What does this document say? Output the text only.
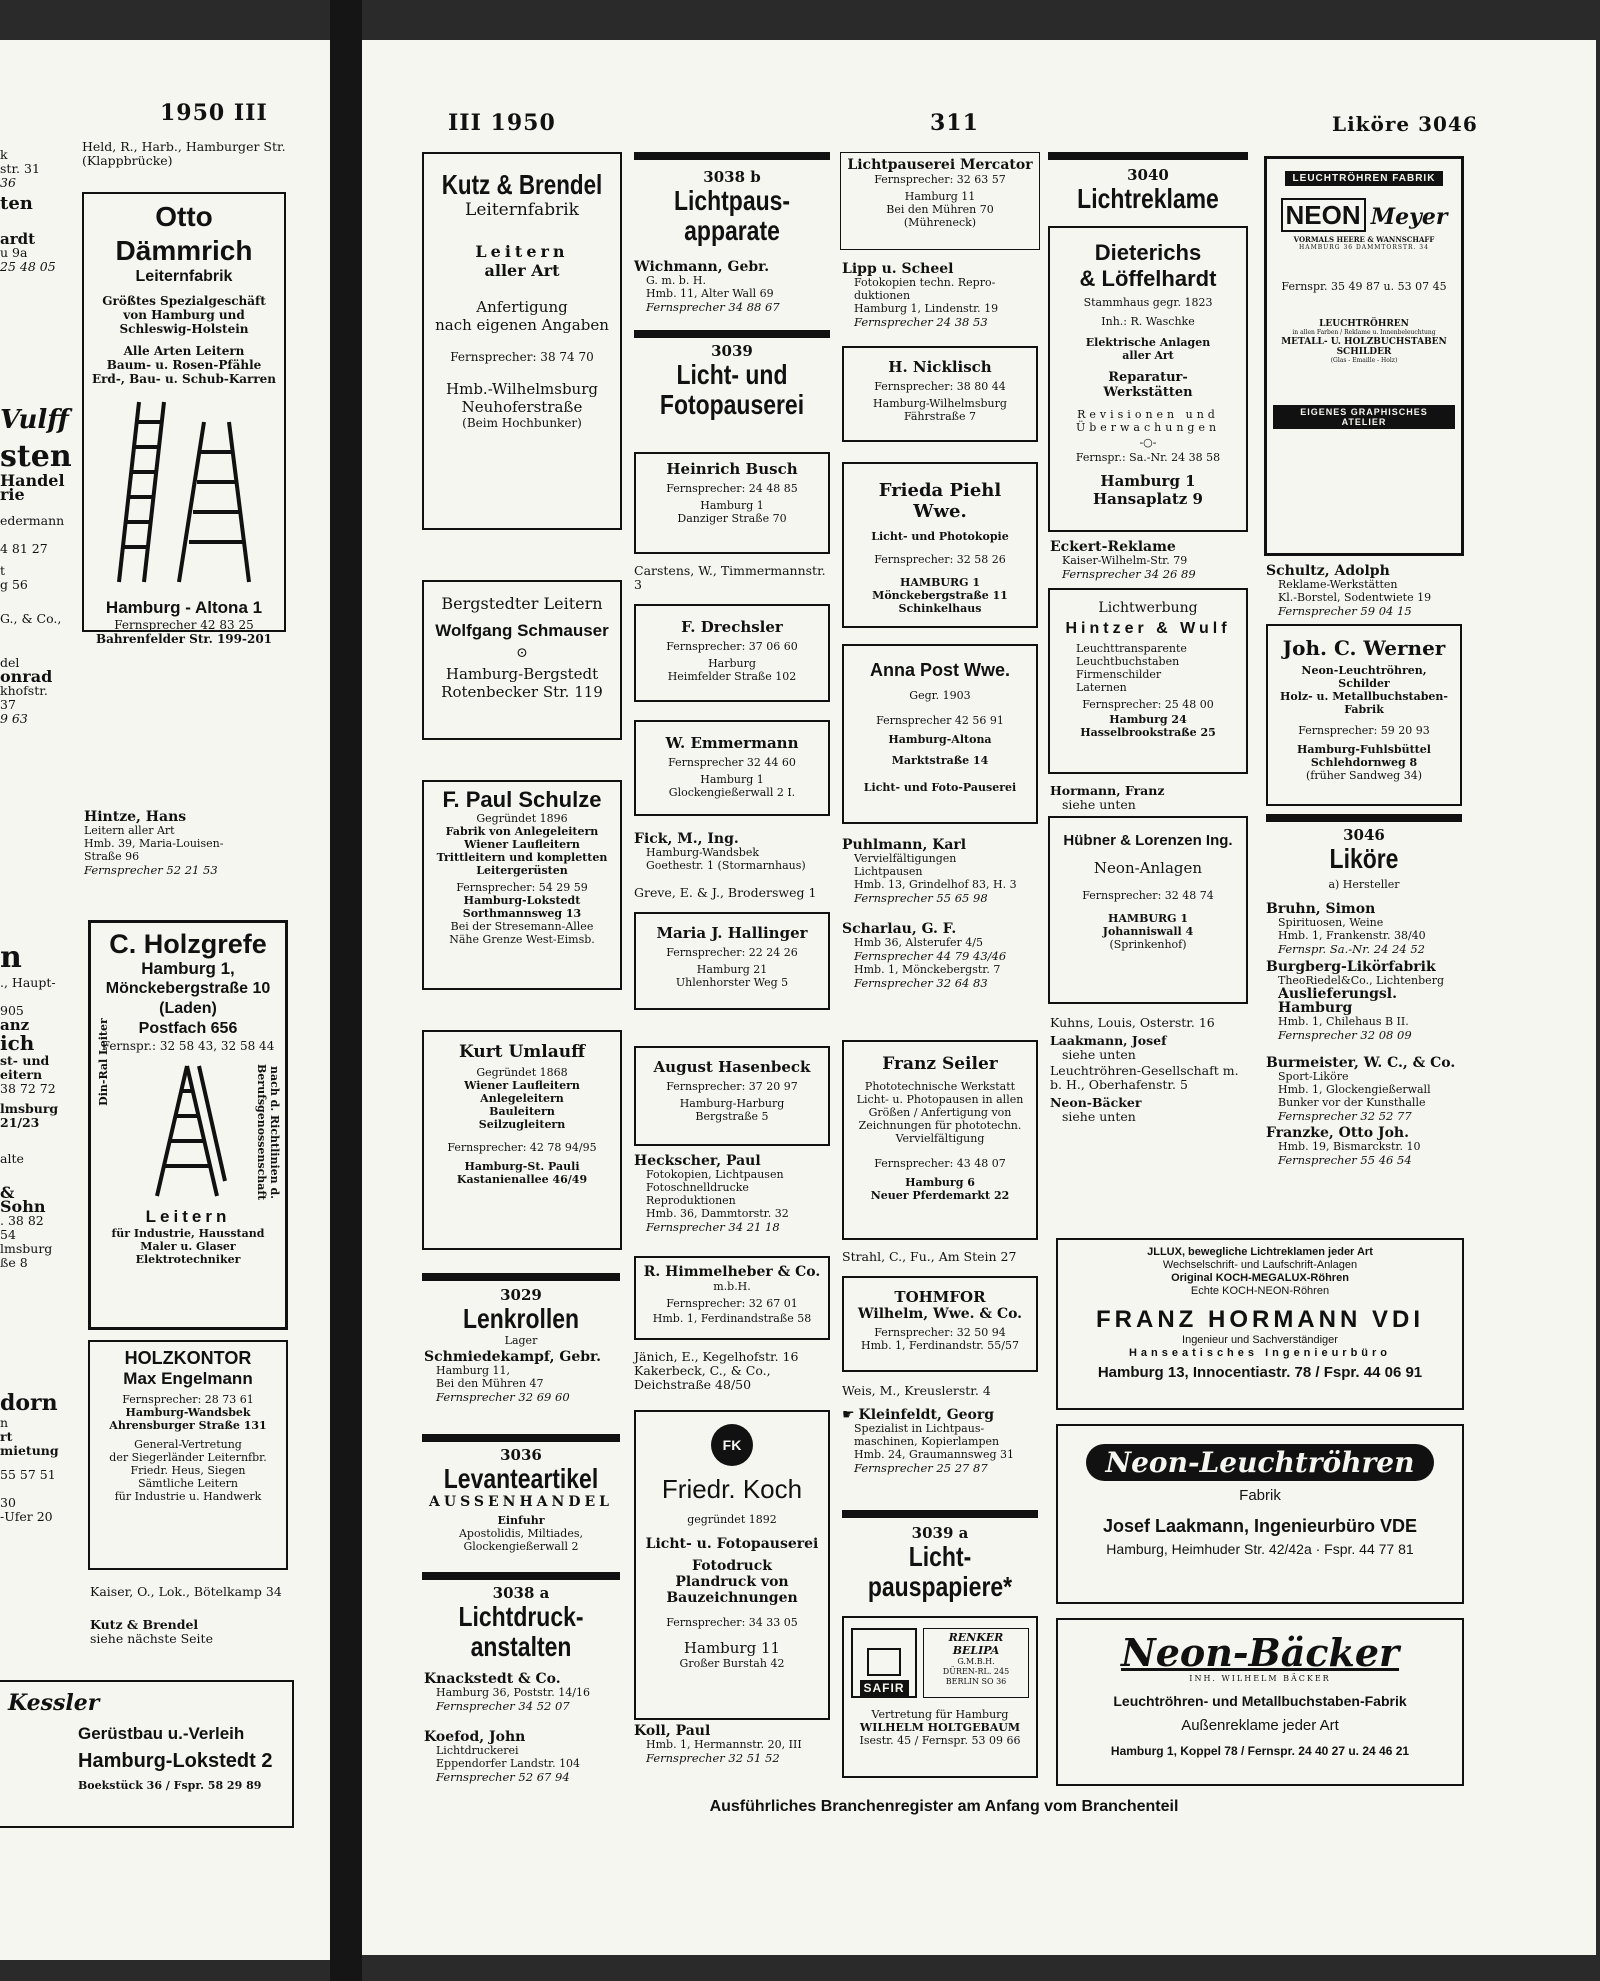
1950 III
Held, R., Harb., Hamburger Str. (Klappbrücke)
k
str. 31
36
ten
ardt
u 9a
25 48 05
Otto Dämmrich
Leiternfabrik
Größtes Spezialgeschäft
von Hamburg und
Schleswig-Holstein
Alle Arten Leitern
Baum- u. Rosen-Pfähle
Erd-, Bau- u. Schub-Karren
Hamburg - Altona 1
Fernsprecher 42 83 25
Bahrenfelder Str. 199-201
Vulff
sten
Handel
rie
edermann
4 81 27
t
g 56
G., & Co.,
del
onrad
khofstr. 37
9 63
Hintze, Hans
Leitern aller Art
Hmb. 39, Maria-Louisen-
Straße 96
Fernsprecher 52 21 53
n
., Haupt-
905
anz
ich
st- und
eitern
38 72 72
lmsburg
21/23
alte
& Sohn
. 38 82 54
lmsburg
ße 8
C. Holzgrefe
Hamburg 1,
Mönckebergstraße 10
(Laden)
Postfach 656
Fernspr.: 32 58 43, 32 58 44
Din-Ral Leiter
nach d. Richtlinien d. Berufsgenossenschaft
Leitern
für Industrie, Hausstand
Maler u. Glaser
Elektrotechniker
HOLZKONTOR
Max Engelmann
Fernsprecher: 28 73 61
Hamburg-Wandsbek
Ahrensburger Straße 131
General-Vertretung
der Siegerländer Leiternfbr.
Friedr. Heus, Siegen
Sämtliche Leitern
für Industrie u. Handwerk
dorn
n
rt
mietung
55 57 51
30
-Ufer 20
Kaiser, O., Lok., Bötelkamp 34
Kutz & Brendel
siehe nächste Seite
Kessler
Gerüstbau u.-Verleih
Hamburg-Lokstedt 2
Boekstück 36 / Fspr. 58 29 89
III 1950	311	Liköre 3046
Kutz & Brendel
Leiternfabrik
Leitern
aller Art
Anfertigung
nach eigenen Angaben
Fernsprecher: 38 74 70
Hmb.-Wilhelmsburg
Neuhoferstraße
(Beim Hochbunker)
Bergstedter Leitern
Wolfgang Schmauser
⊙
Hamburg-Bergstedt
Rotenbecker Str. 119
F. Paul Schulze
Gegründet 1896
Fabrik von Anlegeleitern
Wiener Laufleitern
Trittleitern und kompletten
Leitergerüsten
Fernsprecher: 54 29 59
Hamburg-Lokstedt
Sorthmannsweg 13
Bei der Stresemann-Allee
Nähe Grenze West-Eimsb.
Kurt Umlauff
Gegründet 1868
Wiener Laufleitern
Anlegeleitern
Bauleitern
Seilzugleitern
Fernsprecher: 42 78 94/95
Hamburg-St. Pauli
Kastanienallee 46/49
3029
Lenkrollen
Lager
Schmiedekampf, Gebr.
Hamburg 11,
Bei den Mühren 47
Fernsprecher 32 69 60
3036
Levanteartikel
AUSSENHANDEL
Einfuhr
Apostolidis, Miltiades,
Glockengießerwall 2
3038 a
Lichtdruck-
anstalten
Knackstedt & Co.
Hamburg 36, Poststr. 14/16
Fernsprecher 34 52 07
Koefod, John
Lichtdruckerei
Eppendorfer Landstr. 104
Fernsprecher 52 67 94
3038 b
Lichtpaus-
apparate
Wichmann, Gebr.
G. m. b. H.
Hmb. 11, Alter Wall 69
Fernsprecher 34 88 67
3039
Licht- und
Fotopauserei
Heinrich Busch
Fernsprecher: 24 48 85
Hamburg 1
Danziger Straße 70
Carstens, W., Timmermannstr. 3
F. Drechsler
Fernsprecher: 37 06 60
Harburg
Heimfelder Straße 102
W. Emmermann
Fernsprecher 32 44 60
Hamburg 1
Glockengießerwall 2 I.
Fick, M., Ing.
Hamburg-Wandsbek
Goethestr. 1 (Stormarnhaus)
Greve, E. & J., Brodersweg 1
Maria J. Hallinger
Fernsprecher: 22 24 26
Hamburg 21
Uhlenhorster Weg 5
August Hasenbeck
Fernsprecher: 37 20 97
Hamburg-Harburg
Bergstraße 5
Heckscher, Paul
Fotokopien, Lichtpausen
Fotoschnelldrucke
Reproduktionen
Hmb. 36, Dammtorstr. 32
Fernsprecher 34 21 18
R. Himmelheber & Co.
m.b.H.
Fernsprecher: 32 67 01
Hmb. 1, Ferdinandstraße 58
Jänich, E., Kegelhofstr. 16
Kakerbeck, C., & Co., Deichstraße 48/50
FK
Friedr. Koch
gegründet 1892
Licht- u. Fotopauserei
Fotodruck
Plandruck von
Bauzeichnungen
Fernsprecher: 34 33 05
Hamburg 11
Großer Burstah 42
Koll, Paul
Hmb. 1, Hermannstr. 20, III
Fernsprecher 32 51 52
Lichtpauserei Mercator
Fernsprecher: 32 63 57
Hamburg 11
Bei den Mühren 70
(Mühreneck)
Lipp u. Scheel
Fotokopien techn. Repro-
duktionen
Hamburg 1, Lindenstr. 19
Fernsprecher 24 38 53
H. Nicklisch
Fernsprecher: 38 80 44
Hamburg-Wilhelmsburg
Fährstraße 7
Frieda Piehl Wwe.
Licht- und Photokopie
Fernsprecher: 32 58 26
HAMBURG 1
Mönckebergstraße 11
Schinkelhaus
Anna Post Wwe.
Gegr. 1903
Fernsprecher 42 56 91
Hamburg-Altona
Marktstraße 14
Licht- und Foto-Pauserei
Puhlmann, Karl
Vervielfältigungen
Lichtpausen
Hmb. 13, Grindelhof 83, H. 3
Fernsprecher 55 65 98
Scharlau, G. F.
Hmb 36, Alsterufer 4/5
Fernsprecher 44 79 43/46
Hmb. 1, Mönckebergstr. 7
Fernsprecher 32 64 83
Franz Seiler
Phototechnische Werkstatt
Licht- u. Photopausen in allen
Größen / Anfertigung von
Zeichnungen für phototechn.
Vervielfältigung
Fernsprecher: 43 48 07
Hamburg 6
Neuer Pferdemarkt 22
Strahl, C., Fu., Am Stein 27
TOHMFOR
Wilhelm, Wwe. & Co.
Fernsprecher: 32 50 94
Hmb. 1, Ferdinandstr. 55/57
Weis, M., Kreuslerstr. 4
☛ Kleinfeldt, Georg
Spezialist in Lichtpaus-
maschinen, Kopierlampen
Hmb. 24, Graumannsweg 31
Fernsprecher 25 27 87
3039 a
Licht-
pauspapiere*
SAFIR
RENKER BELIPA
G.M.B.H.
DÜREN-RL. 245
BERLIN SO 36
Vertretung für Hamburg
WILHELM HOLTGEBAUM
Isestr. 45 / Fernspr. 53 09 66
3040
Lichtreklame
Dieterichs
& Löffelhardt
Stammhaus gegr. 1823
Inh.: R. Waschke
Elektrische Anlagen
aller Art
Reparatur-
Werkstätten
Revisionen und
Überwachungen
-○-
Fernspr.: Sa.-Nr. 24 38 58
Hamburg 1
Hansaplatz 9
Eckert-Reklame
Kaiser-Wilhelm-Str. 79
Fernsprecher 34 26 89
Lichtwerbung
Hintzer & Wulf
Leuchttransparente
Leuchtbuchstaben
Firmenschilder
Laternen
Fernsprecher: 25 48 00
Hamburg 24
Hasselbrookstraße 25
Hormann, Franz
siehe unten
Hübner & Lorenzen Ing.
Neon-Anlagen
Fernsprecher: 32 48 74
HAMBURG 1
Johanniswall 4
(Sprinkenhof)
Kuhns, Louis, Osterstr. 16
Laakmann, Josef
siehe unten
Leuchtröhren-Gesellschaft m. b. H., Oberhafenstr. 5
Neon-Bäcker
siehe unten
LEUCHTRÖHREN FABRIK
NEON Meyer
VORMALS HEERE & WANNSCHAFF
HAMBURG 36 DAMMTORSTR. 34
Fernspr. 35 49 87 u. 53 07 45
LEUCHTRÖHREN
in allen Farben / Reklame u. Innenbeleuchtung
METALL- U. HOLZBUCHSTABEN
SCHILDER
(Glas - Emaille - Holz)
EIGENES GRAPHISCHES ATELIER
Schultz, Adolph
Reklame-Werkstätten
Kl.-Borstel, Sodentwiete 19
Fernsprecher 59 04 15
Joh. C. Werner
Neon-Leuchtröhren, Schilder
Holz- u. Metallbuchstaben-
Fabrik
Fernsprecher: 59 20 93
Hamburg-Fuhlsbüttel
Schlehdornweg 8
(früher Sandweg 34)
3046
Liköre
a) Hersteller
Bruhn, Simon
Spirituosen, Weine
Hmb. 1, Frankenstr. 38/40
Fernspr. Sa.-Nr. 24 24 52
Burgberg-Likörfabrik
TheoRiedel&Co., Lichtenberg
Auslieferungsl.
Hamburg
Hmb. 1, Chilehaus B II.
Fernsprecher 32 08 09
Burmeister, W. C., & Co.
Sport-Liköre
Hmb. 1, Glockengießerwall
Bunker vor der Kunsthalle
Fernsprecher 32 52 77
Franzke, Otto Joh.
Hmb. 19, Bismarckstr. 10
Fernsprecher 55 46 54
JLLUX, bewegliche Lichtreklamen jeder Art
Wechselschrift- und Laufschrift-Anlagen
Original KOCH-MEGALUX-Röhren
Echte KOCH-NEON-Röhren
FRANZ HORMANN VDI
Ingenieur und Sachverständiger
Hanseatisches Ingenieurbüro
Hamburg 13, Innocentiastr. 78 / Fspr. 44 06 91
Neon-Leuchtröhren
Fabrik
Josef Laakmann, Ingenieurbüro VDE
Hamburg, Heimhuder Str. 42/42a · Fspr. 44 77 81
Neon-Bäcker
INH. WILHELM BÄCKER
Leuchtröhren- und Metallbuchstaben-Fabrik
Außenreklame jeder Art
Hamburg 1, Koppel 78 / Fernspr. 24 40 27 u. 24 46 21
Ausführliches Branchenregister am Anfang vom Branchenteil
